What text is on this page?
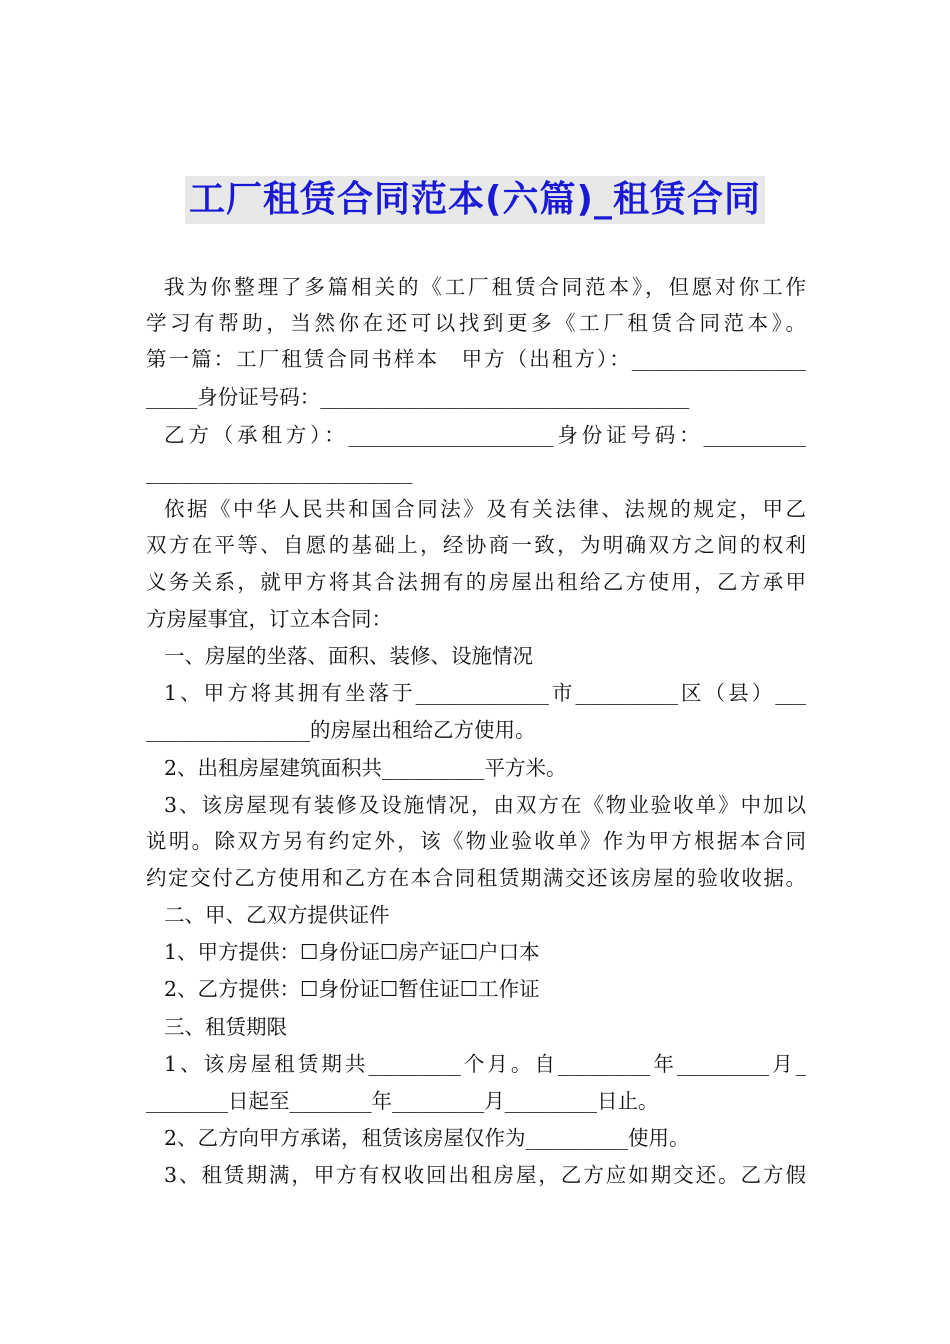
工厂租赁合同范本(六篇)_租赁合同
我为你整理了多篇相关的《工厂租赁合同范本》，但愿对你工作
学习有帮助，当然你在还可以找到更多《工厂租赁合同范本》。
第一篇：工厂租赁合同书样本　甲方（出租方）：_________________
_____身份证号码：____________________________________
乙方（承租方）：____________________身份证号码：__________
__________________________
依据《中华人民共和国合同法》及有关法律、法规的规定，甲乙
双方在平等、自愿的基础上，经协商一致，为明确双方之间的权利
义务关系，就甲方将其合法拥有的房屋出租给乙方使用，乙方承甲
方房屋事宜，订立本合同：
一、房屋的坐落、面积、装修、设施情况
1、甲方将其拥有坐落于_____________市__________区（县）___
________________的房屋出租给乙方使用。
2、出租房屋建筑面积共__________平方米。
3、该房屋现有装修及设施情况，由双方在《物业验收单》中加以
说明。除双方另有约定外，该《物业验收单》作为甲方根据本合同
约定交付乙方使用和乙方在本合同租赁期满交还该房屋的验收收据。
二、甲、乙双方提供证件
1、甲方提供：☐身份证☐房产证☐户口本
2、乙方提供：☐身份证☐暂住证☐工作证
三、租赁期限
1、该房屋租赁期共_________个月。自_________年_________月_
________日起至________年_________月_________日止。
2、乙方向甲方承诺，租赁该房屋仅作为__________使用。
3、租赁期满，甲方有权收回出租房屋，乙方应如期交还。乙方假
